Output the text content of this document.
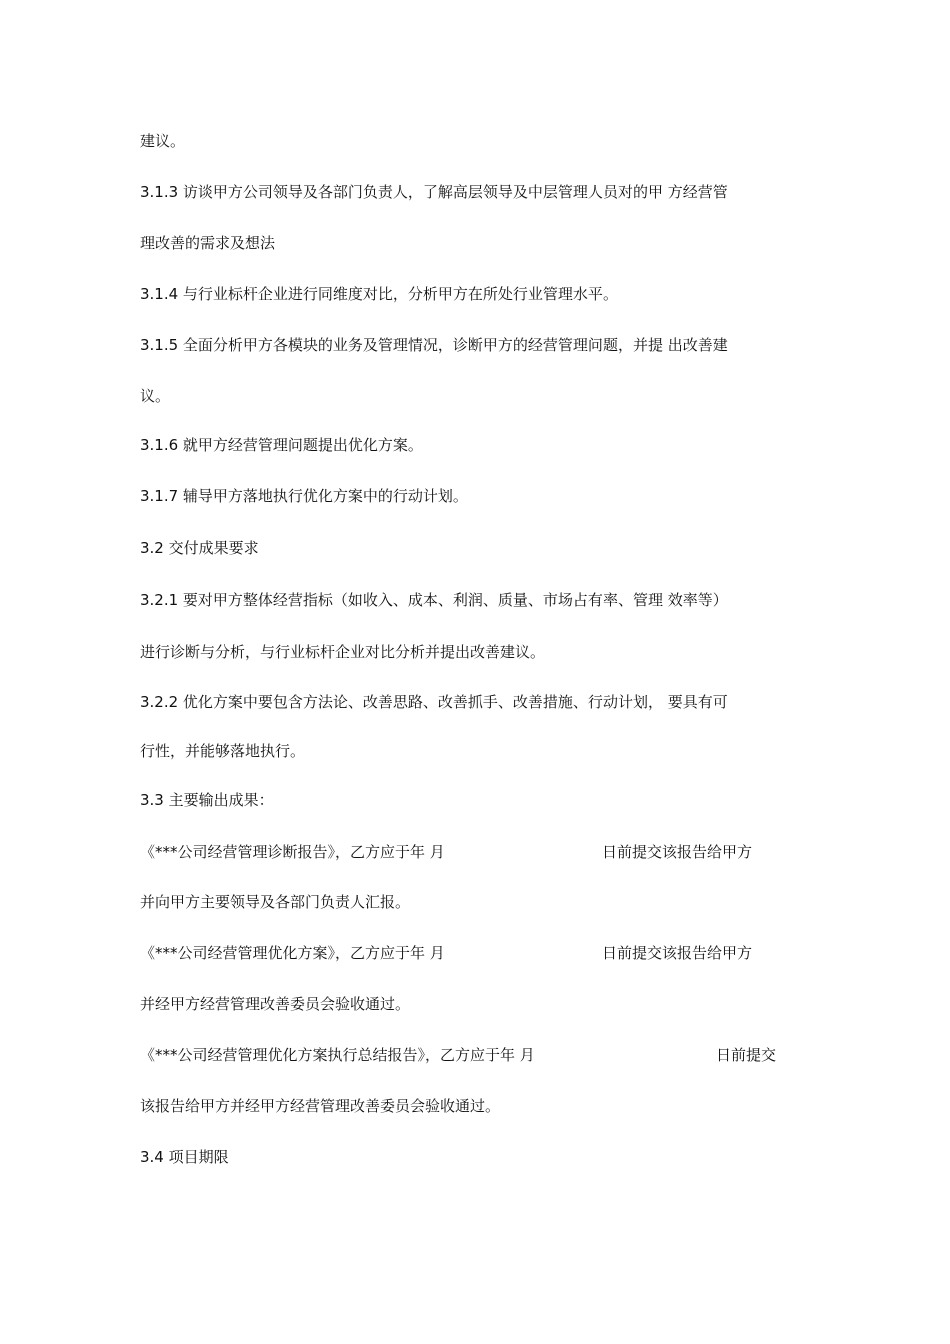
建议。
3.1.3 访谈甲方公司领导及各部门负责人，了解高层领导及中层管理人员对的甲 方经营管
理改善的需求及想法
3.1.4 与行业标杆企业进行同维度对比，分析甲方在所处行业管理水平。
3.1.5 全面分析甲方各模块的业务及管理情况，诊断甲方的经营管理问题，并提 出改善建
议。
3.1.6 就甲方经营管理问题提出优化方案。
3.1.7 辅导甲方落地执行优化方案中的行动计划。
3.2 交付成果要求
3.2.1 要对甲方整体经营指标（如收入、成本、利润、质量、市场占有率、管理 效率等）
进行诊断与分析，与行业标杆企业对比分析并提出改善建议。
3.2.2 优化方案中要包含方法论、改善思路、改善抓手、改善措施、行动计划， 要具有可
行性，并能够落地执行。
3.3 主要输出成果：
《***公司经营管理诊断报告》，乙方应于年 月	日前提交该报告给甲方
并向甲方主要领导及各部门负责人汇报。
《***公司经营管理优化方案》，乙方应于年 月	日前提交该报告给甲方
并经甲方经营管理改善委员会验收通过。
《***公司经营管理优化方案执行总结报告》，乙方应于年 月	日前提交
该报告给甲方并经甲方经营管理改善委员会验收通过。
3.4 项目期限
